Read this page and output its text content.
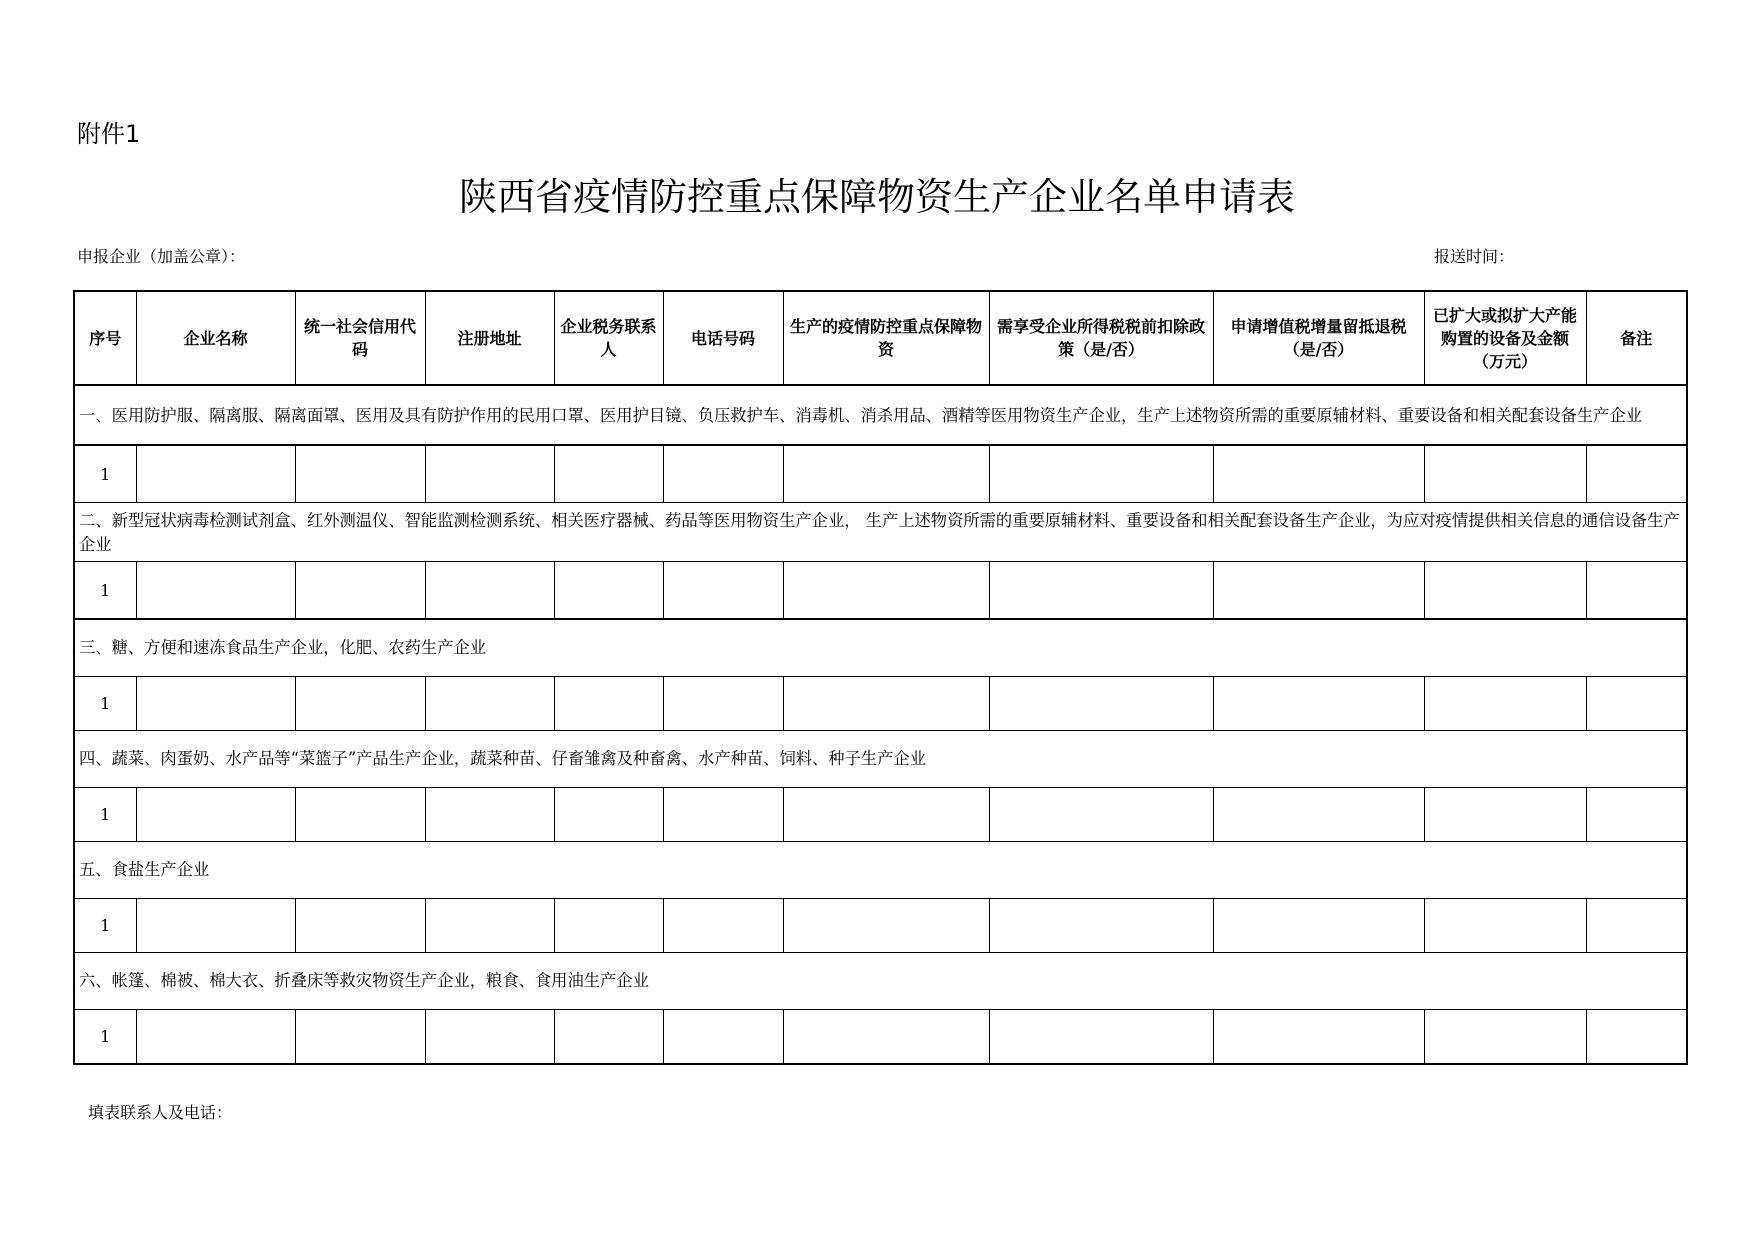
附件1
陕西省疫情防控重点保障物资生产企业名单申请表
申报企业（加盖公章）：	报送时间：
序号	企业名称	统一社会信用代码	注册地址	企业税务联系人	电话号码	生产的疫情防控重点保障物资	需享受企业所得税税前扣除政策（是/否）	申请增值税增量留抵退税（是/否）	已扩大或拟扩大产能购置的设备及金额（万元）	备注
一、医用防护服、隔离服、隔离面罩、医用及具有防护作用的民用口罩、医用护目镜、负压救护车、消毒机、消杀用品、酒精等医用物资生产企业，生产上述物资所需的重要原辅材料、重要设备和相关配套设备生产企业										
1										
二、新型冠状病毒检测试剂盒、红外测温仪、智能监测检测系统、相关医疗器械、药品等医用物资生产企业， 生产上述物资所需的重要原辅材料、重要设备和相关配套设备生产企业，为应对疫情提供相关信息的通信设备生产企业										
1										
三、糖、方便和速冻食品生产企业，化肥、农药生产企业										
1										
四、蔬菜、肉蛋奶、水产品等“菜篮子”产品生产企业，蔬菜种苗、仔畜雏禽及种畜禽、水产种苗、饲料、种子生产企业										
1										
五、食盐生产企业										
1										
六、帐篷、棉被、棉大衣、折叠床等救灾物资生产企业，粮食、食用油生产企业										
1										
填表联系人及电话：
